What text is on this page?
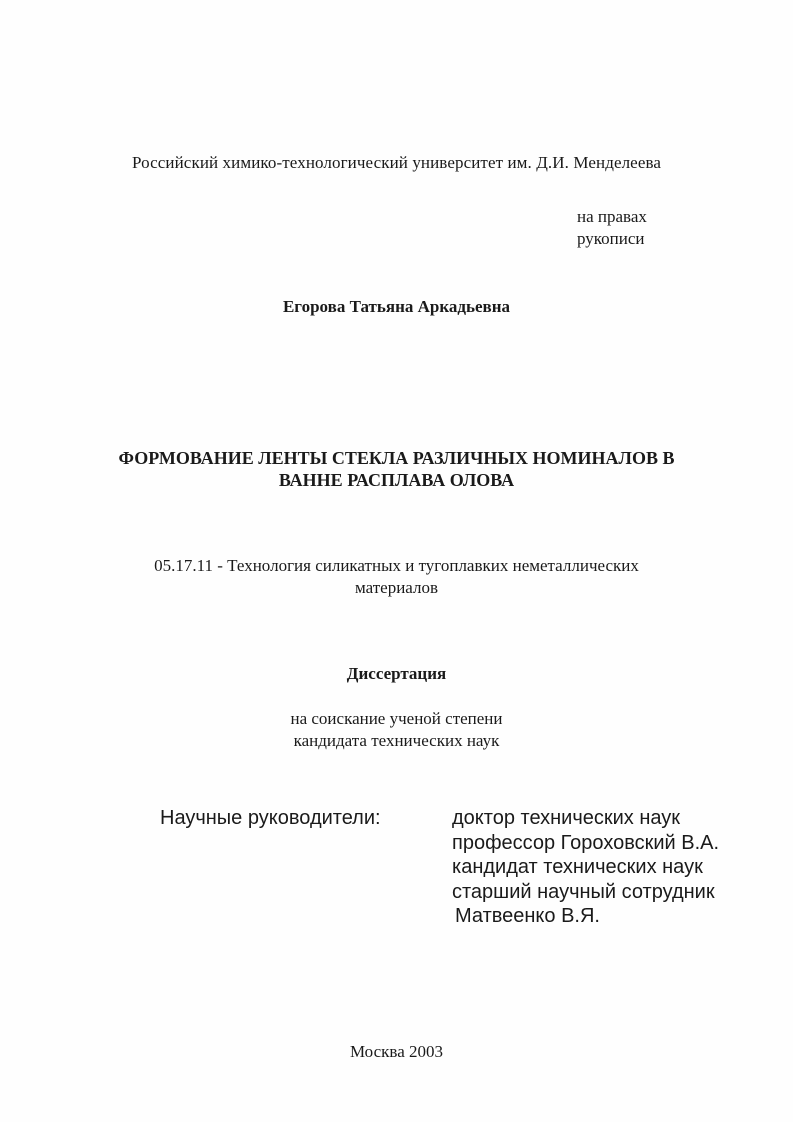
Российский химико-технологический университет им. Д.И. Менделеева
на правах
рукописи
Егорова Татьяна Аркадьевна
ФОРМОВАНИЕ ЛЕНТЫ СТЕКЛА РАЗЛИЧНЫХ НОМИНАЛОВ В
ВАННЕ РАСПЛАВА ОЛОВА
05.17.11 - Технология силикатных и тугоплавких неметаллических
материалов
Диссертация
на соискание ученой степени
кандидата технических наук
Научные руководители:	доктор технических наук
профессор Гороховский В.А.
кандидат технических наук
старший научный сотрудник
Матвеенко В.Я.
Москва 2003
